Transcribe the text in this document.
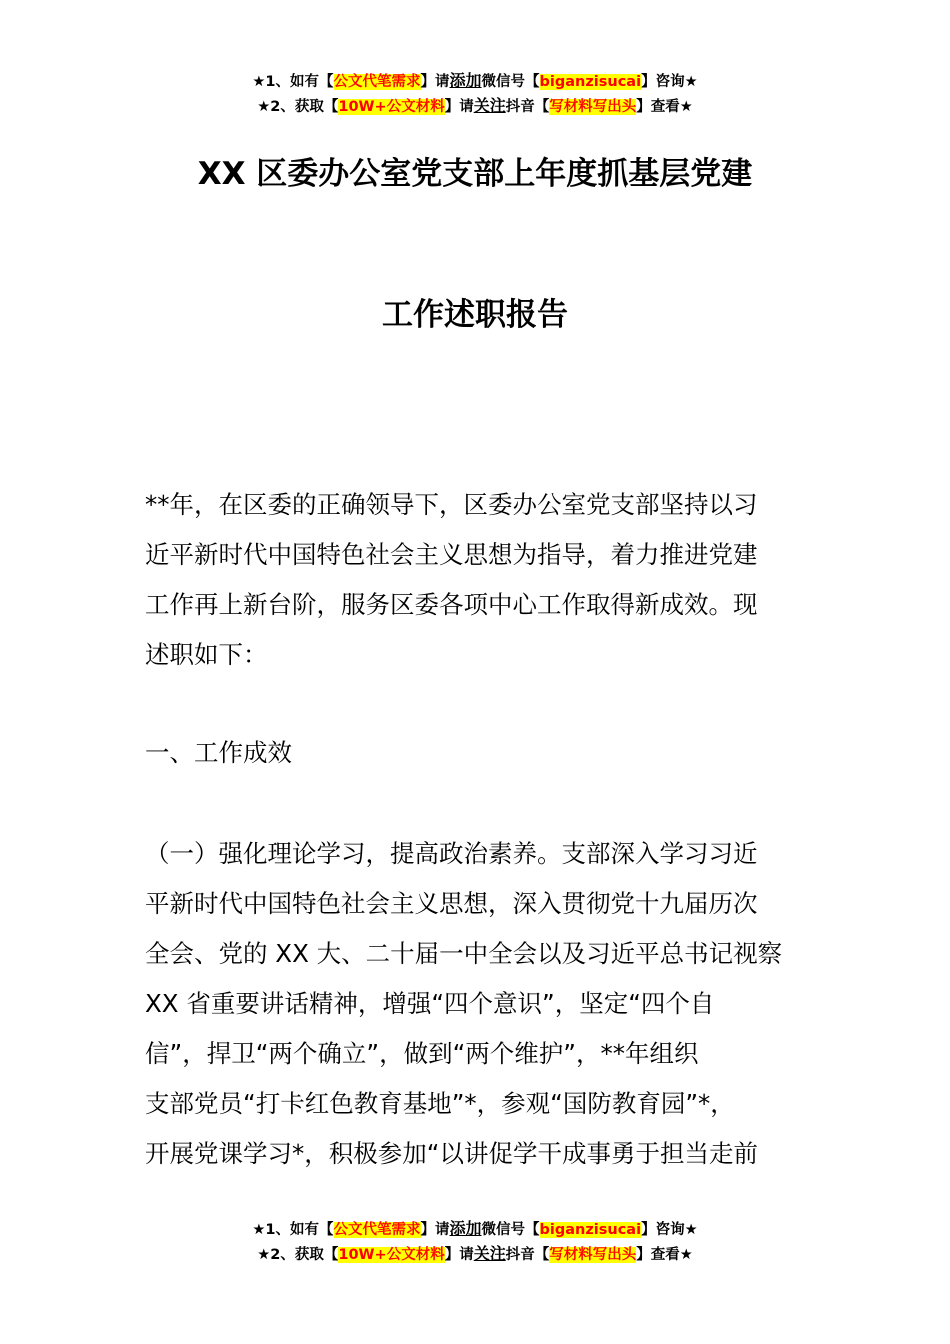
★1、如有【公文代笔需求】请添加微信号【biganzisucai】咨询★
★2、获取【10W+公文材料】请关注抖音【写材料写出头】查看★
XX 区委办公室党支部上年度抓基层党建
工作述职报告
**年，在区委的正确领导下，区委办公室党支部坚持以习
近平新时代中国特色社会主义思想为指导，着力推进党建
工作再上新台阶，服务区委各项中心工作取得新成效。现
述职如下：
一、工作成效
（一）强化理论学习，提高政治素养。支部深入学习习近
平新时代中国特色社会主义思想，深入贯彻党十九届历次
全会、党的 XX 大、二十届一中全会以及习近平总书记视察
XX 省重要讲话精神，增强“四个意识”，坚定“四个自
信”，捍卫“两个确立”，做到“两个维护”，**年组织
支部党员“打卡红色教育基地”*，参观“国防教育园”*，
开展党课学习*，积极参加“以讲促学干成事勇于担当走前
★1、如有【公文代笔需求】请添加微信号【biganzisucai】咨询★
★2、获取【10W+公文材料】请关注抖音【写材料写出头】查看★
